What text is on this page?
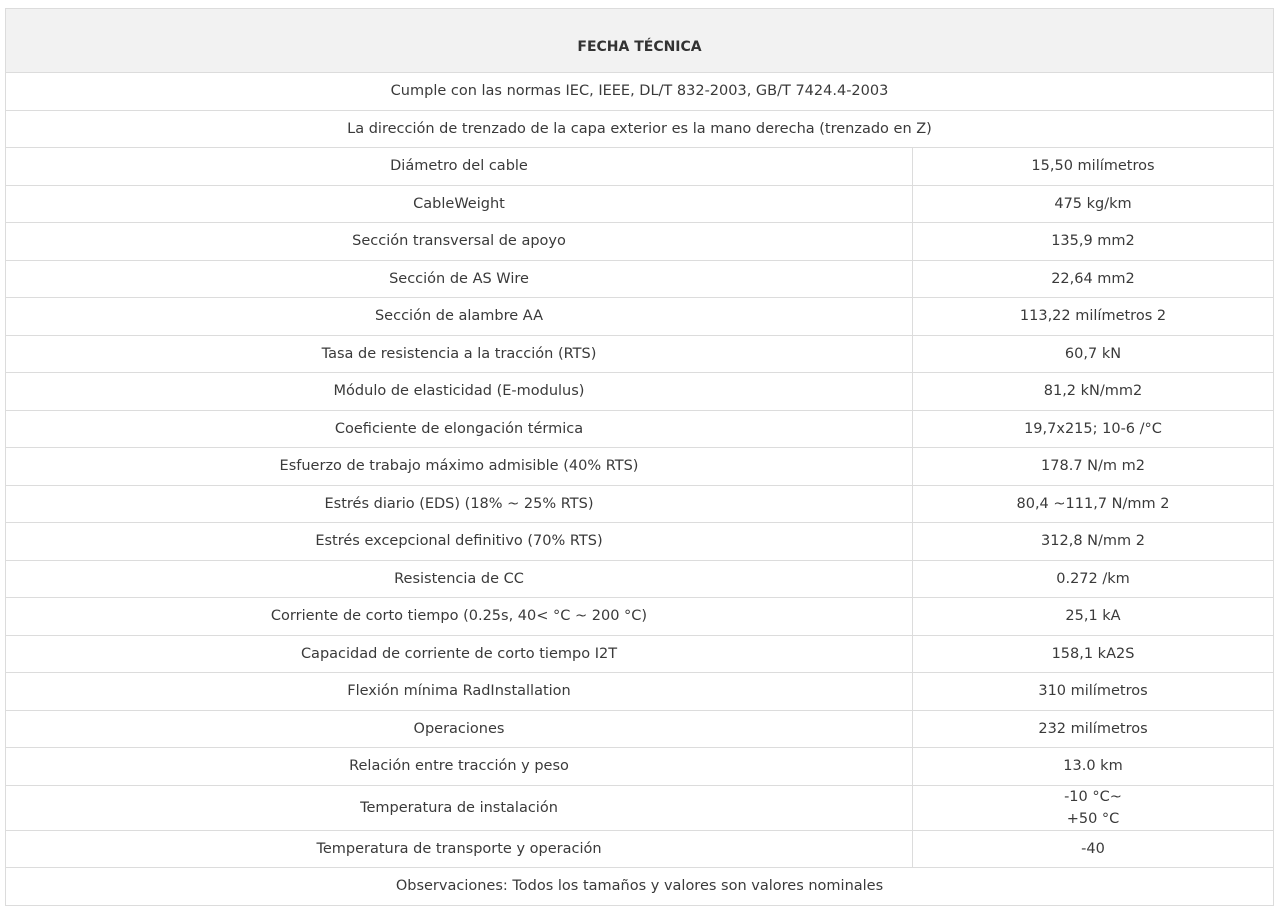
FECHA TÉCNICA	
Cumple con las normas IEC, IEEE, DL/T 832-2003, GB/T 7424.4-2003	
La dirección de trenzado de la capa exterior es la mano derecha (trenzado en Z)	
Diámetro del cable	15,50 milímetros
CableWeight	475 kg/km
Sección transversal de apoyo	135,9 mm2
Sección de AS Wire	22,64 mm2
Sección de alambre AA	113,22 milímetros 2
Tasa de resistencia a la tracción (RTS)	60,7 kN
Módulo de elasticidad (E-modulus)	81,2 kN/mm2
Coeficiente de elongación térmica	19,7x215; 10-6 /°C
Esfuerzo de trabajo máximo admisible (40% RTS)	178.7 N/m m2
Estrés diario (EDS) (18% ~ 25% RTS)	80,4 ~111,7 N/mm 2
Estrés excepcional definitivo (70% RTS)	312,8 N/mm 2
Resistencia de CC	0.272 /km
Corriente de corto tiempo (0.25s, 40< °C ~ 200 °C)	25,1 kA
Capacidad de corriente de corto tiempo I2T	158,1 kA2S
Flexión mínima RadInstallation	310 milímetros
Operaciones	232 milímetros
Relación entre tracción y peso	13.0 km
Temperatura de instalación	-10 °C~
+50 °C

Temperatura de transporte y operación	-40
Observaciones: Todos los tamaños y valores son valores nominales	
